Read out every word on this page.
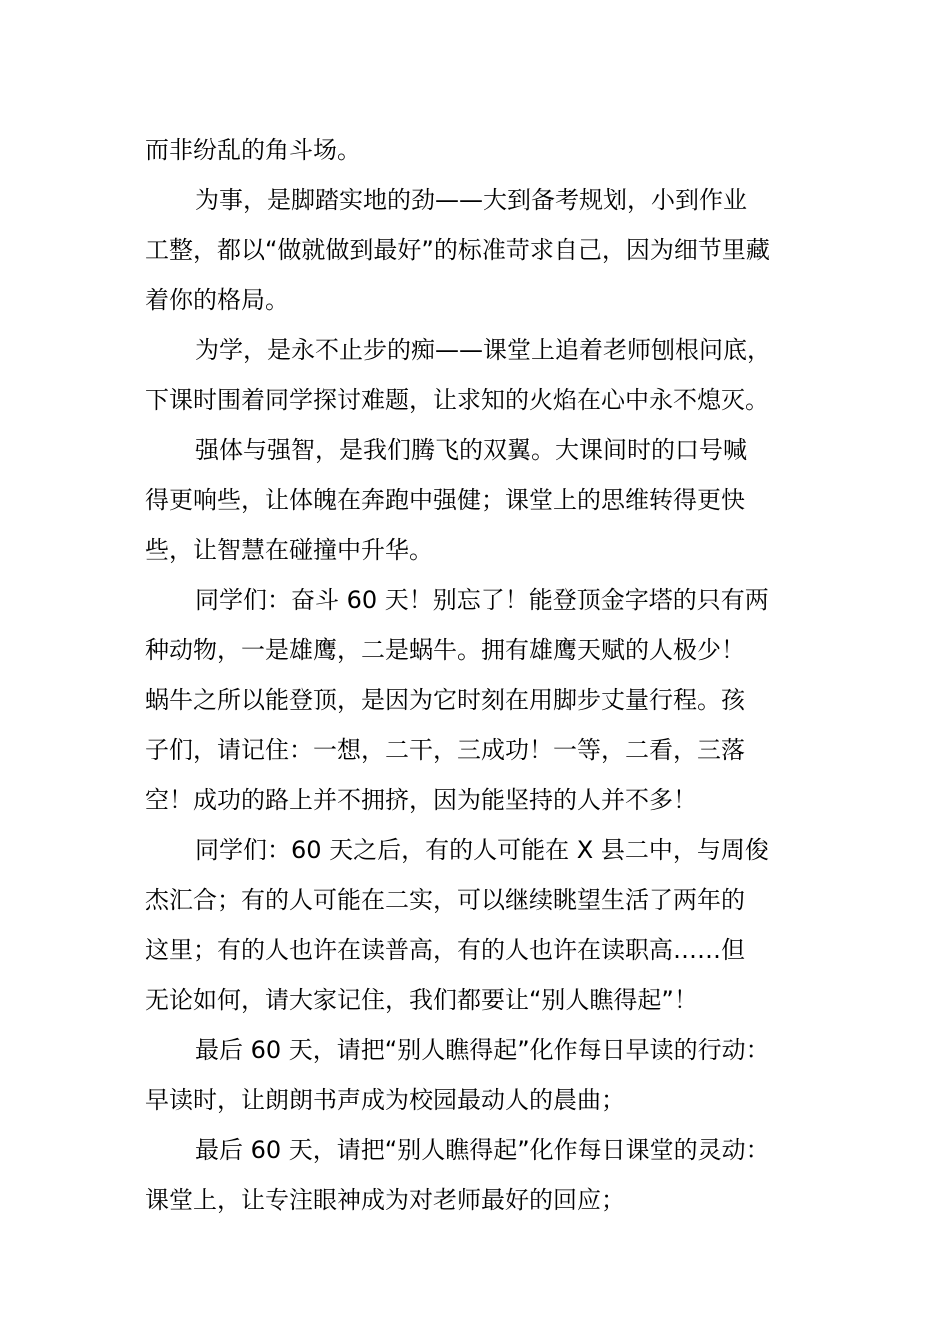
而非纷乱的角斗场。
为事，是脚踏实地的劲——大到备考规划，小到作业
工整，都以“做就做到最好”的标准苛求自己，因为细节里藏
着你的格局。
为学，是永不止步的痴——课堂上追着老师刨根问底，
下课时围着同学探讨难题，让求知的火焰在心中永不熄灭。
强体与强智，是我们腾飞的双翼。大课间时的口号喊
得更响些，让体魄在奔跑中强健；课堂上的思维转得更快
些，让智慧在碰撞中升华。
同学们：奋斗 60 天！别忘了！能登顶金字塔的只有两
种动物，一是雄鹰，二是蜗牛。拥有雄鹰天赋的人极少！
蜗牛之所以能登顶，是因为它时刻在用脚步丈量行程。孩
子们，请记住：一想，二干，三成功！一等，二看，三落
空！成功的路上并不拥挤，因为能坚持的人并不多！
同学们：60 天之后，有的人可能在 X 县二中，与周俊
杰汇合；有的人可能在二实，可以继续眺望生活了两年的
这里；有的人也许在读普高，有的人也许在读职高……但
无论如何，请大家记住，我们都要让“别人瞧得起”！
最后 60 天，请把“别人瞧得起”化作每日早读的行动：
早读时，让朗朗书声成为校园最动人的晨曲；
最后 60 天，请把“别人瞧得起”化作每日课堂的灵动：
课堂上，让专注眼神成为对老师最好的回应；
